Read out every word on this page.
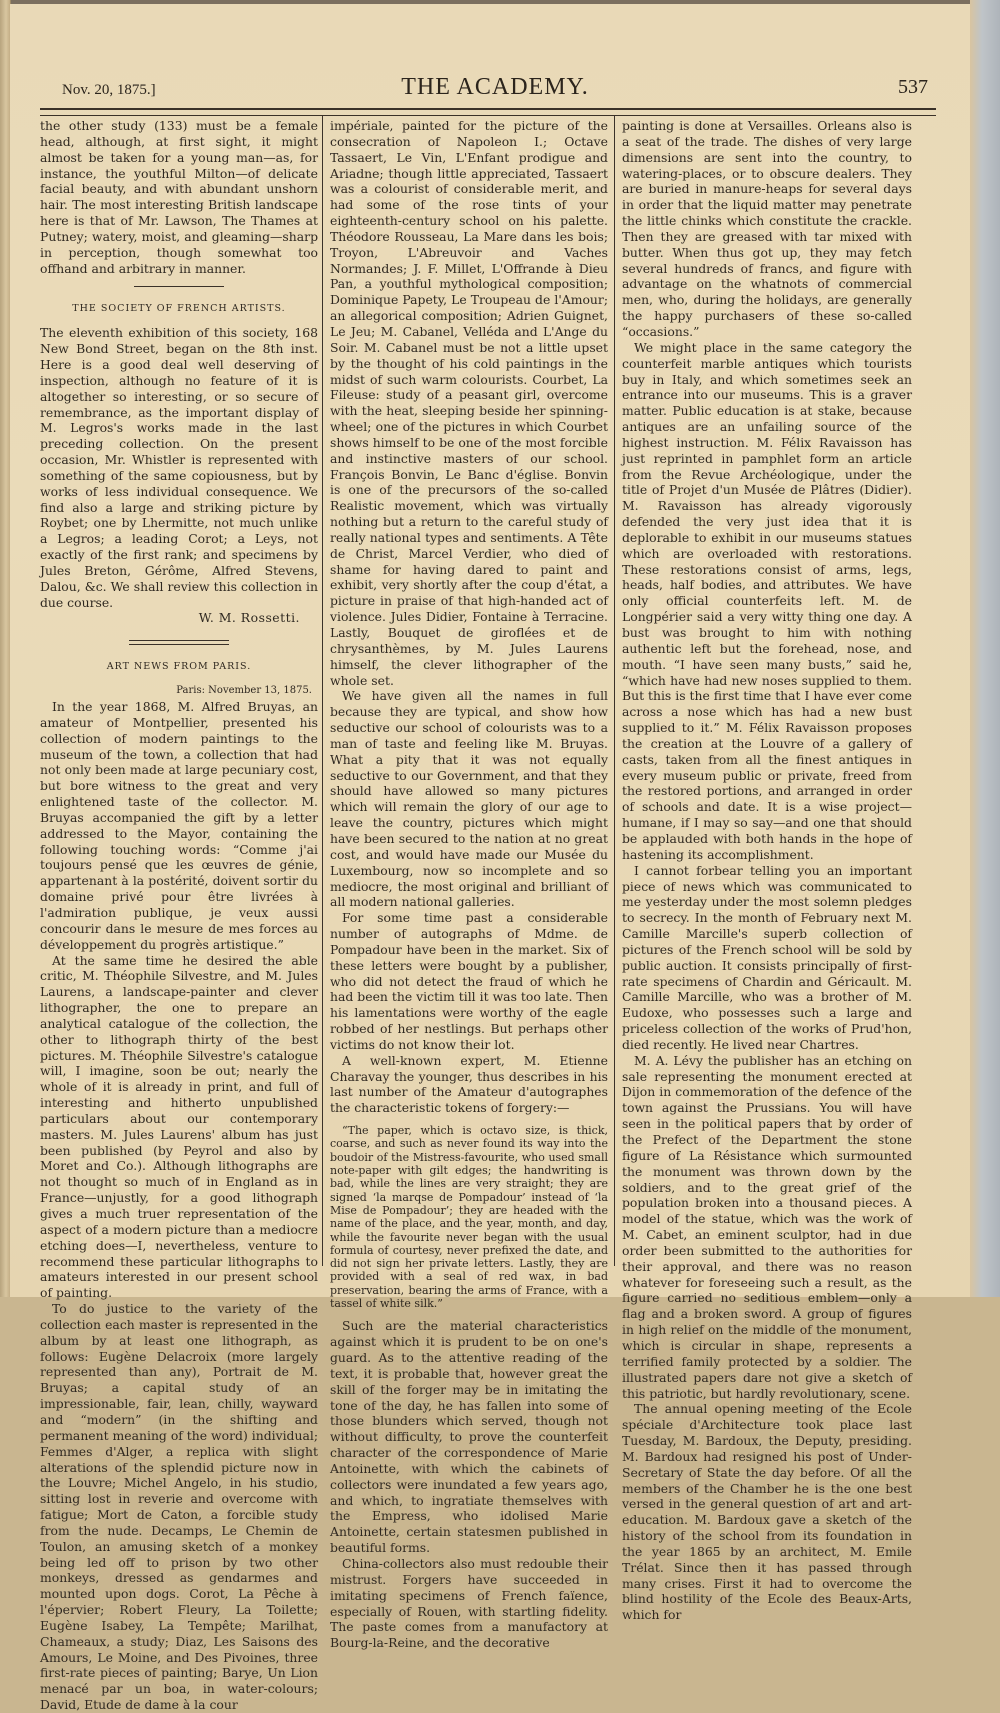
Nov. 20, 1875.]	THE ACADEMY.	537

the other study (133) must be a female head, although, at first sight, it might almost be taken for a young man—as, for instance, the youthful Milton—of delicate facial beauty, and with abundant unshorn hair. The most interesting British landscape here is that of Mr. Lawson, The Thames at Putney; watery, moist, and gleaming—sharp in perception, though somewhat too offhand and arbitrary in manner.

THE SOCIETY OF FRENCH ARTISTS.

The eleventh exhibition of this society, 168 New Bond Street, began on the 8th inst. Here is a good deal well deserving of inspection, although no feature of it is altogether so interesting, or so secure of remembrance, as the important display of M. Legros's works made in the last preceding collection. On the present occasion, Mr. Whistler is represented with something of the same copiousness, but by works of less individual consequence. We find also a large and striking picture by Roybet; one by Lhermitte, not much unlike a Legros; a leading Corot; a Leys, not exactly of the first rank; and specimens by Jules Breton, Gérôme, Alfred Stevens, Dalou, &c. We shall review this collection in due course.

W. M. Rossetti.
ART NEWS FROM PARIS.
Paris: November 13, 1875.

In the year 1868, M. Alfred Bruyas, an amateur of Montpellier, presented his collection of modern paintings to the museum of the town, a collection that had not only been made at large pecuniary cost, but bore witness to the great and very enlightened taste of the collector. M. Bruyas accompanied the gift by a letter addressed to the Mayor, containing the following touching words: “Comme j'ai toujours pensé que les œuvres de génie, appartenant à la postérité, doivent sortir du domaine privé pour être livrées à l'admiration publique, je veux aussi concourir dans le mesure de mes forces au développement du progrès artistique.”

At the same time he desired the able critic, M. Théophile Silvestre, and M. Jules Laurens, a landscape-painter and clever lithographer, the one to prepare an analytical catalogue of the collection, the other to lithograph thirty of the best pictures. M. Théophile Silvestre's catalogue will, I imagine, soon be out; nearly the whole of it is already in print, and full of interesting and hitherto unpublished particulars about our contemporary masters. M. Jules Laurens' album has just been published (by Peyrol and also by Moret and Co.). Although lithographs are not thought so much of in England as in France—unjustly, for a good lithograph gives a much truer representation of the aspect of a modern picture than a mediocre etching does—I, nevertheless, venture to recommend these particular lithographs to amateurs interested in our present school of painting.

To do justice to the variety of the collection each master is represented in the album by at least one lithograph, as follows: Eugène Delacroix (more largely represented than any), Portrait de M. Bruyas; a capital study of an impressionable, fair, lean, chilly, wayward and “modern” (in the shifting and permanent meaning of the word) individual; Femmes d'Alger, a replica with slight alterations of the splendid picture now in the Louvre; Michel Angelo, in his studio, sitting lost in reverie and overcome with fatigue; Mort de Caton, a forcible study from the nude. Decamps, Le Chemin de Toulon, an amusing sketch of a monkey being led off to prison by two other monkeys, dressed as gendarmes and mounted upon dogs. Corot, La Pêche à l'épervier; Robert Fleury, La Toilette; Eugène Isabey, La Tempête; Marilhat, Chameaux, a study; Diaz, Les Saisons des Amours, Le Moine, and Des Pivoines, three first-rate pieces of painting; Barye, Un Lion menacé par un boa, in water-colours; David, Etude de dame à la cour

impériale, painted for the picture of the consecration of Napoleon I.; Octave Tassaert, Le Vin, L'Enfant prodigue and Ariadne; though little appreciated, Tassaert was a colourist of considerable merit, and had some of the rose tints of your eighteenth-century school on his palette. Théodore Rousseau, La Mare dans les bois; Troyon, L'Abreuvoir and Vaches Normandes; J. F. Millet, L'Offrande à Dieu Pan, a youthful mythological composition; Dominique Papety, Le Troupeau de l'Amour; an allegorical composition; Adrien Guignet, Le Jeu; M. Cabanel, Velléda and L'Ange du Soir. M. Cabanel must be not a little upset by the thought of his cold paintings in the midst of such warm colourists. Courbet, La Fileuse: study of a peasant girl, overcome with the heat, sleeping beside her spinning-wheel; one of the pictures in which Courbet shows himself to be one of the most forcible and instinctive masters of our school. François Bonvin, Le Banc d'église. Bonvin is one of the precursors of the so-called Realistic movement, which was virtually nothing but a return to the careful study of really national types and sentiments. A Tête de Christ, Marcel Verdier, who died of shame for having dared to paint and exhibit, very shortly after the coup d'état, a picture in praise of that high-handed act of violence. Jules Didier, Fontaine à Terracine. Lastly, Bouquet de giroflées et de chrysanthèmes, by M. Jules Laurens himself, the clever lithographer of the whole set.

We have given all the names in full because they are typical, and show how seductive our school of colourists was to a man of taste and feeling like M. Bruyas. What a pity that it was not equally seductive to our Government, and that they should have allowed so many pictures which will remain the glory of our age to leave the country, pictures which might have been secured to the nation at no great cost, and would have made our Musée du Luxembourg, now so incomplete and so mediocre, the most original and brilliant of all modern national galleries.

For some time past a considerable number of autographs of Mdme. de Pompadour have been in the market. Six of these letters were bought by a publisher, who did not detect the fraud of which he had been the victim till it was too late. Then his lamentations were worthy of the eagle robbed of her nestlings. But perhaps other victims do not know their lot.

A well-known expert, M. Etienne Charavay the younger, thus describes in his last number of the Amateur d'autographes the characteristic tokens of forgery:—

“The paper, which is octavo size, is thick, coarse, and such as never found its way into the boudoir of the Mistress-favourite, who used small note-paper with gilt edges; the handwriting is bad, while the lines are very straight; they are signed ‘la marqse de Pompadour’ instead of ‘la Mise de Pompadour’; they are headed with the name of the place, and the year, month, and day, while the favourite never began with the usual formula of courtesy, never prefixed the date, and did not sign her private letters. Lastly, they are provided with a seal of red wax, in bad preservation, bearing the arms of France, with a tassel of white silk.”

Such are the material characteristics against which it is prudent to be on one's guard. As to the attentive reading of the text, it is probable that, however great the skill of the forger may be in imitating the tone of the day, he has fallen into some of those blunders which served, though not without difficulty, to prove the counterfeit character of the correspondence of Marie Antoinette, with which the cabinets of collectors were inundated a few years ago, and which, to ingratiate themselves with the Empress, who idolised Marie Antoinette, certain statesmen published in beautiful forms.

China-collectors also must redouble their mistrust. Forgers have succeeded in imitating specimens of French faïence, especially of Rouen, with startling fidelity. The paste comes from a manufactory at Bourg-la-Reine, and the decorative

painting is done at Versailles. Orleans also is a seat of the trade. The dishes of very large dimensions are sent into the country, to watering-places, or to obscure dealers. They are buried in manure-heaps for several days in order that the liquid matter may penetrate the little chinks which constitute the crackle. Then they are greased with tar mixed with butter. When thus got up, they may fetch several hundreds of francs, and figure with advantage on the whatnots of commercial men, who, during the holidays, are generally the happy purchasers of these so-called “occasions.”

We might place in the same category the counterfeit marble antiques which tourists buy in Italy, and which sometimes seek an entrance into our museums. This is a graver matter. Public education is at stake, because antiques are an unfailing source of the highest instruction. M. Félix Ravaisson has just reprinted in pamphlet form an article from the Revue Archéologique, under the title of Projet d'un Musée de Plâtres (Didier). M. Ravaisson has already vigorously defended the very just idea that it is deplorable to exhibit in our museums statues which are overloaded with restorations. These restorations consist of arms, legs, heads, half bodies, and attributes. We have only official counterfeits left. M. de Longpérier said a very witty thing one day. A bust was brought to him with nothing authentic left but the forehead, nose, and mouth. “I have seen many busts,” said he, “which have had new noses supplied to them. But this is the first time that I have ever come across a nose which has had a new bust supplied to it.” M. Félix Ravaisson proposes the creation at the Louvre of a gallery of casts, taken from all the finest antiques in every museum public or private, freed from the restored portions, and arranged in order of schools and date. It is a wise project—humane, if I may so say—and one that should be applauded with both hands in the hope of hastening its accomplishment.

I cannot forbear telling you an important piece of news which was communicated to me yesterday under the most solemn pledges to secrecy. In the month of February next M. Camille Marcille's superb collection of pictures of the French school will be sold by public auction. It consists principally of first-rate specimens of Chardin and Géricault. M. Camille Marcille, who was a brother of M. Eudoxe, who possesses such a large and priceless collection of the works of Prud'hon, died recently. He lived near Chartres.

M. A. Lévy the publisher has an etching on sale representing the monument erected at Dijon in commemoration of the defence of the town against the Prussians. You will have seen in the political papers that by order of the Prefect of the Department the stone figure of La Résistance which surmounted the monument was thrown down by the soldiers, and to the great grief of the population broken into a thousand pieces. A model of the statue, which was the work of M. Cabet, an eminent sculptor, had in due order been submitted to the authorities for their approval, and there was no reason whatever for foreseeing such a result, as the figure carried no seditious emblem—only a flag and a broken sword. A group of figures in high relief on the middle of the monument, which is circular in shape, represents a terrified family protected by a soldier. The illustrated papers dare not give a sketch of this patriotic, but hardly revolutionary, scene.

The annual opening meeting of the Ecole spéciale d'Architecture took place last Tuesday, M. Bardoux, the Deputy, presiding. M. Bardoux had resigned his post of Under-Secretary of State the day before. Of all the members of the Chamber he is the one best versed in the general question of art and art-education. M. Bardoux gave a sketch of the history of the school from its foundation in the year 1865 by an architect, M. Emile Trélat. Since then it has passed through many crises. First it had to overcome the blind hostility of the Ecole des Beaux-Arts, which for
